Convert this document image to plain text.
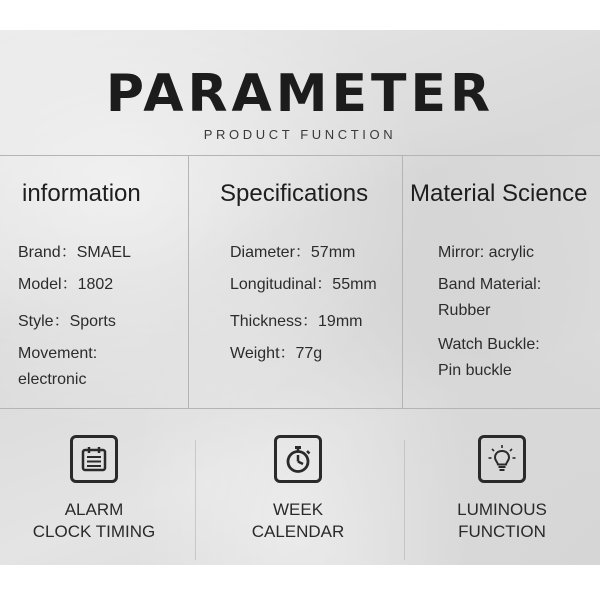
PARAMETER
PRODUCT FUNCTION
information
Brand：SMAEL
Model：1802
Style：Sports
Movement:
electronic
Specifications
Diameter：57mm
Longitudinal：55mm
Thickness：19mm
Weight：77g
Material Science
Mirror: acrylic
Band Material:
Rubber
Watch Buckle:
Pin buckle
ALARM
CLOCK TIMING
WEEK
CALENDAR
LUMINOUS
FUNCTION
